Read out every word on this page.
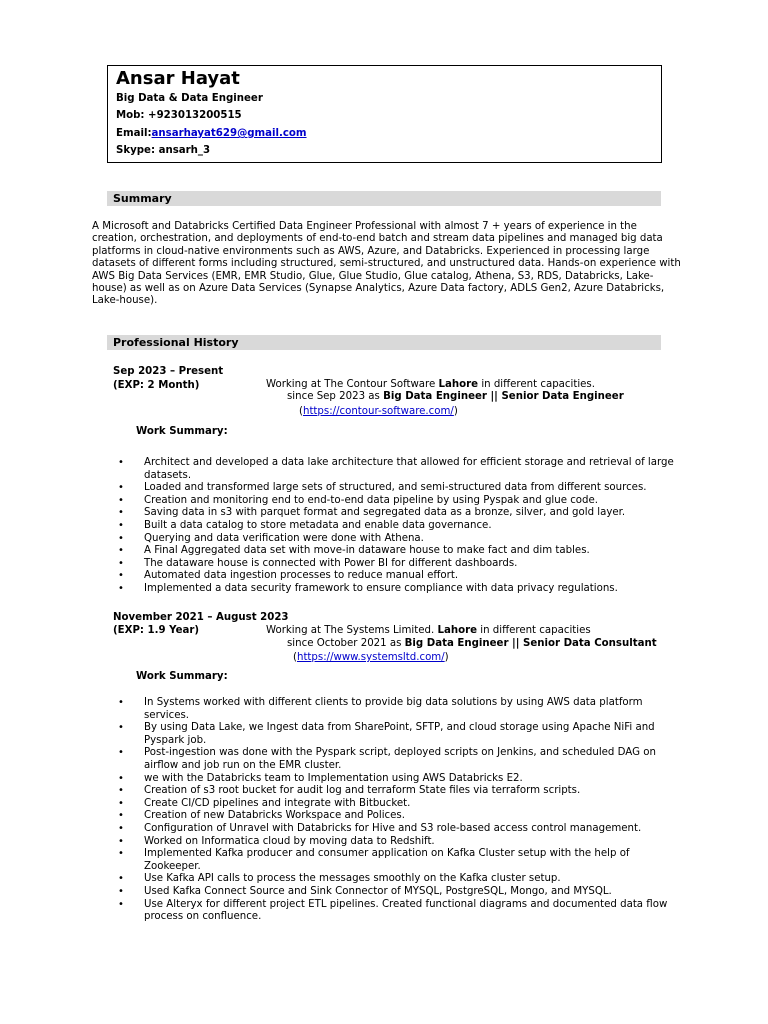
Ansar Hayat
Big Data & Data Engineer
Mob: +923013200515
Email:ansarhayat629@gmail.com
Skype: ansarh_3
Summary
A Microsoft and Databricks Certified Data Engineer Professional with almost 7 + years of experience in the
creation, orchestration, and deployments of end-to-end batch and stream data pipelines and managed big data
platforms in cloud-native environments such as AWS, Azure, and Databricks. Experienced in processing large
datasets of different forms including structured, semi-structured, and unstructured data. Hands-on experience with
AWS Big Data Services (EMR, EMR Studio, Glue, Glue Studio, Glue catalog, Athena, S3, RDS, Databricks, Lake-
house) as well as on Azure Data Services (Synapse Analytics, Azure Data factory, ADLS Gen2, Azure Databricks,
Lake-house).
Professional History
Sep 2023 – Present
(EXP: 2 Month)	Working at The Contour Software Lahore in different capacities.
since Sep 2023 as Big Data Engineer || Senior Data Engineer
(https://contour-software.com/)
Work Summary:
• Architect and developed a data lake architecture that allowed for efficient storage and retrieval of large
datasets.
• Loaded and transformed large sets of structured, and semi-structured data from different sources.
• Creation and monitoring end to end-to-end data pipeline by using Pyspak and glue code.
• Saving data in s3 with parquet format and segregated data as a bronze, silver, and gold layer.
• Built a data catalog to store metadata and enable data governance.
• Querying and data verification were done with Athena.
• A Final Aggregated data set with move-in dataware house to make fact and dim tables.
• The dataware house is connected with Power BI for different dashboards.
• Automated data ingestion processes to reduce manual effort.
• Implemented a data security framework to ensure compliance with data privacy regulations.
November 2021 – August 2023
(EXP: 1.9 Year)	Working at The Systems Limited. Lahore in different capacities
since October 2021 as Big Data Engineer || Senior Data Consultant
(https://www.systemsltd.com/)
Work Summary:
• In Systems worked with different clients to provide big data solutions by using AWS data platform
services.
• By using Data Lake, we Ingest data from SharePoint, SFTP, and cloud storage using Apache NiFi and
Pyspark job.
• Post-ingestion was done with the Pyspark script, deployed scripts on Jenkins, and scheduled DAG on
airflow and job run on the EMR cluster.
• we with the Databricks team to Implementation using AWS Databricks E2.
• Creation of s3 root bucket for audit log and terraform State files via terraform scripts.
• Create CI/CD pipelines and integrate with Bitbucket.
• Creation of new Databricks Workspace and Polices.
• Configuration of Unravel with Databricks for Hive and S3 role-based access control management.
• Worked on Informatica cloud by moving data to Redshift.
• Implemented Kafka producer and consumer application on Kafka Cluster setup with the help of
Zookeeper.
• Use Kafka API calls to process the messages smoothly on the Kafka cluster setup.
• Used Kafka Connect Source and Sink Connector of MYSQL, PostgreSQL, Mongo, and MYSQL.
• Use Alteryx for different project ETL pipelines. Created functional diagrams and documented data flow
process on confluence.
